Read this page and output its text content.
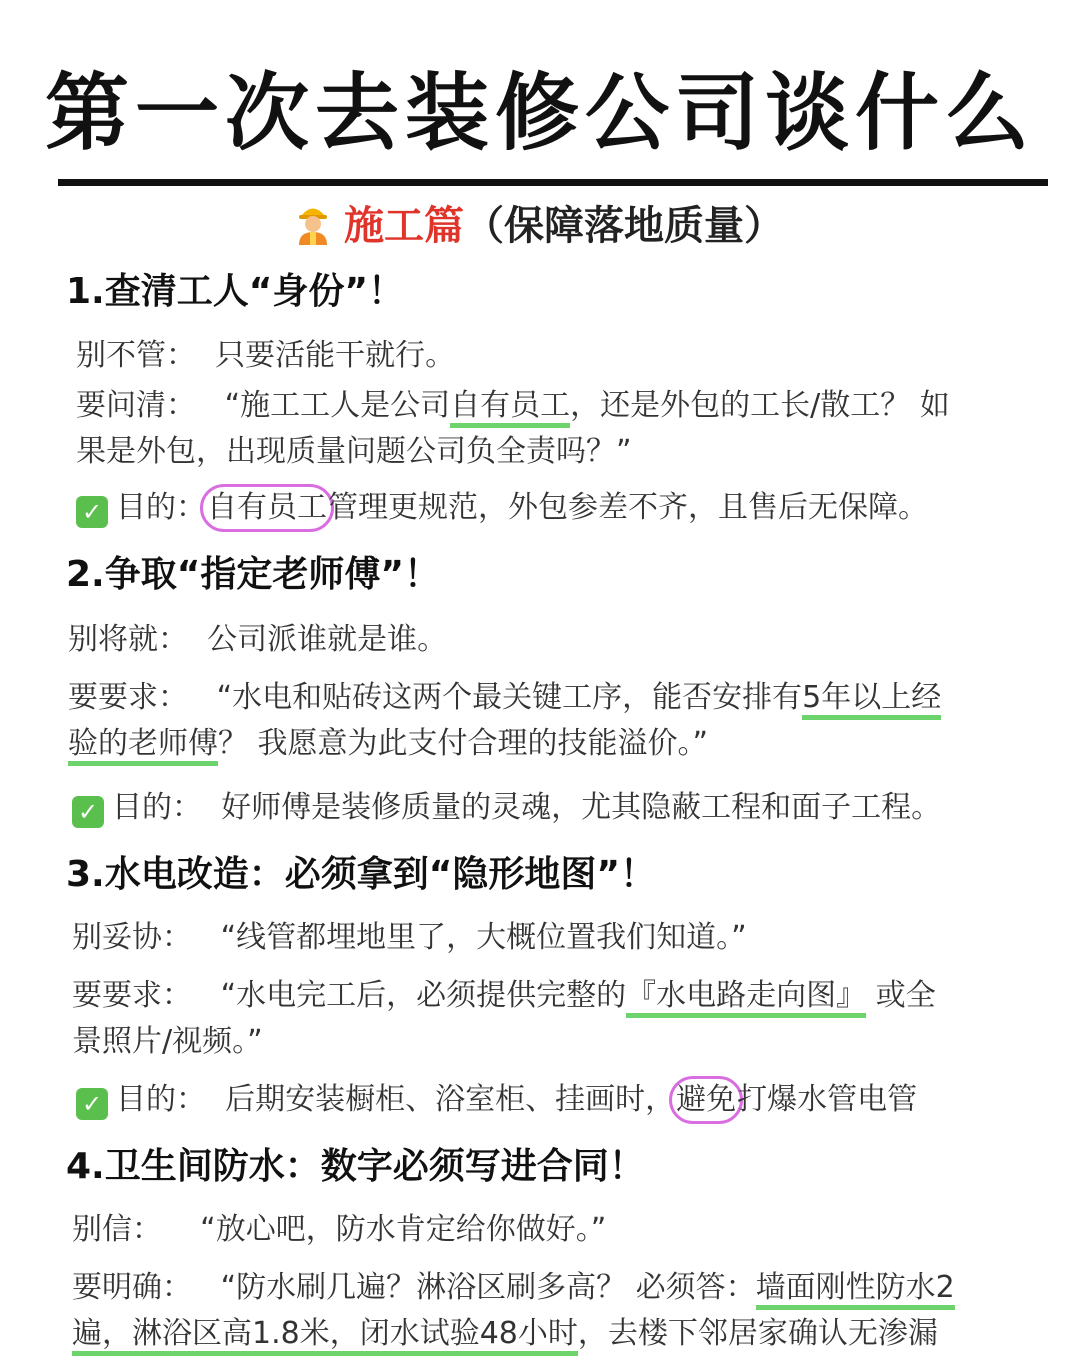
第一次去装修公司谈什么
施工篇（保障落地质量）
1.查清工人“身份”！
别不管： 只要活能干就行。
要问清： “施工工人是公司自有员工，还是外包的工长/散工？ 如
果是外包，出现质量问题公司负全责吗？”
✓ 目的：自有员工管理更规范，外包参差不齐，且售后无保障。
2.争取“指定老师傅”！
别将就： 公司派谁就是谁。
要要求： “水电和贴砖这两个最关键工序，能否安排有5年以上经
验的老师傅？ 我愿意为此支付合理的技能溢价。”
✓ 目的： 好师傅是装修质量的灵魂，尤其隐蔽工程和面子工程。
3.水电改造：必须拿到“隐形地图”！
别妥协： “线管都埋地里了，大概位置我们知道。”
要要求： “水电完工后，必须提供完整的『水电路走向图』 或全
景照片/视频。”
✓ 目的： 后期安装橱柜、浴室柜、挂画时，避免打爆水管电管
4.卫生间防水：数字必须写进合同！
别信： “放心吧，防水肯定给你做好。”
要明确： “防水刷几遍？淋浴区刷多高？ 必须答：墙面刚性防水2
遍，淋浴区高1.8米，闭水试验48小时，去楼下邻居家确认无渗漏
